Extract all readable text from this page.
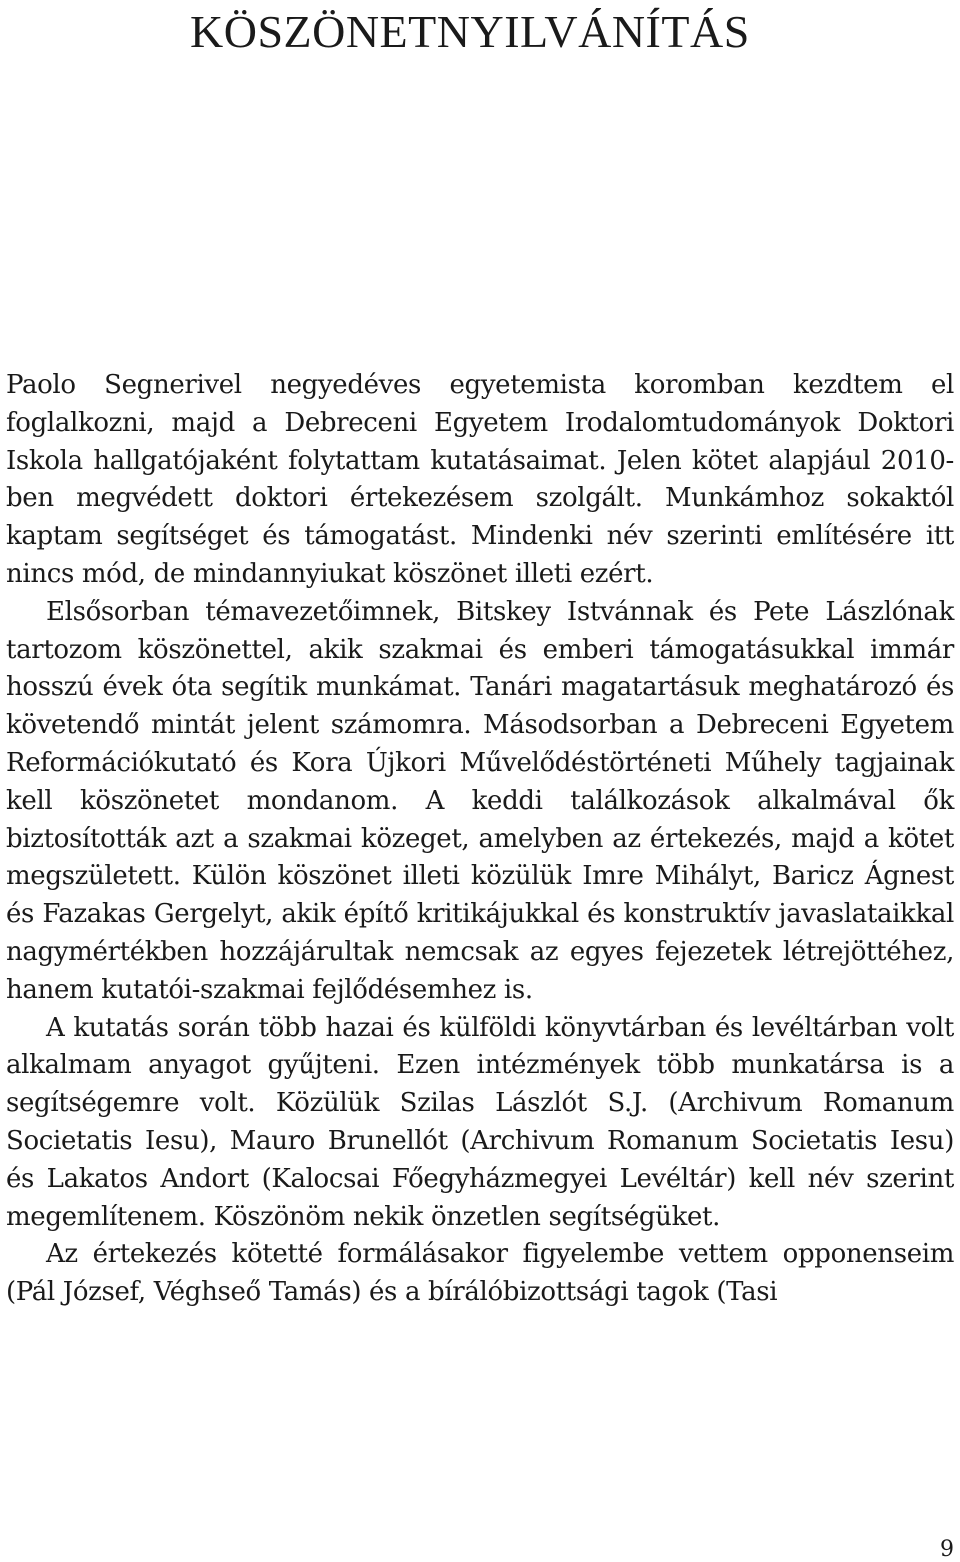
KÖSZÖNETNYILVÁNÍTÁS

Paolo Segnerivel negyedéves egyetemista koromban kezdtem el foglalkozni, majd a Debreceni Egyetem Irodalomtudományok Doktori Iskola hallgatójaként folytattam kutatásaimat. Jelen kötet alapjául 2010-ben megvédett doktori értekezésem szolgált. Munkámhoz sokaktól kaptam segítséget és támogatást. Mindenki név szerinti említésére itt nincs mód, de mindannyiukat köszönet illeti ezért.

Elsősorban témavezetőimnek, Bitskey Istvánnak és Pete Lászlónak tartozom köszönettel, akik szakmai és emberi támogatásukkal immár hosszú évek óta segítik munkámat. Tanári magatartásuk meghatározó és követendő mintát jelent számomra. Másodsorban a Debreceni Egyetem Reformációkutató és Kora Újkori Művelődéstörténeti Műhely tagjainak kell köszönetet mondanom. A keddi találkozások alkalmával ők biztosították azt a szakmai közeget, amelyben az értekezés, majd a kötet megszületett. Külön köszönet illeti közülük Imre Mihályt, Baricz Ágnest és Fazakas Gergelyt, akik építő kritikájukkal és konstruktív javaslataikkal nagymértékben hozzájárultak nemcsak az egyes fejezetek létrejöttéhez, hanem kutatói-szakmai fejlődésemhez is.

A kutatás során több hazai és külföldi könyvtárban és levéltárban volt alkalmam anyagot gyűjteni. Ezen intézmények több munkatársa is a segítségemre volt. Közülük Szilas Lászlót S.J. (Archivum Romanum Societatis Iesu), Mauro Brunellót (Archivum Romanum Societatis Iesu) és Lakatos Andort (Kalocsai Főegyházmegyei Levéltár) kell név szerint megemlítenem. Köszönöm nekik önzetlen segítségüket.

Az értekezés kötetté formálásakor figyelembe vettem opponenseim (Pál József, Véghseő Tamás) és a bírálóbizottsági tagok (Tasi

9
